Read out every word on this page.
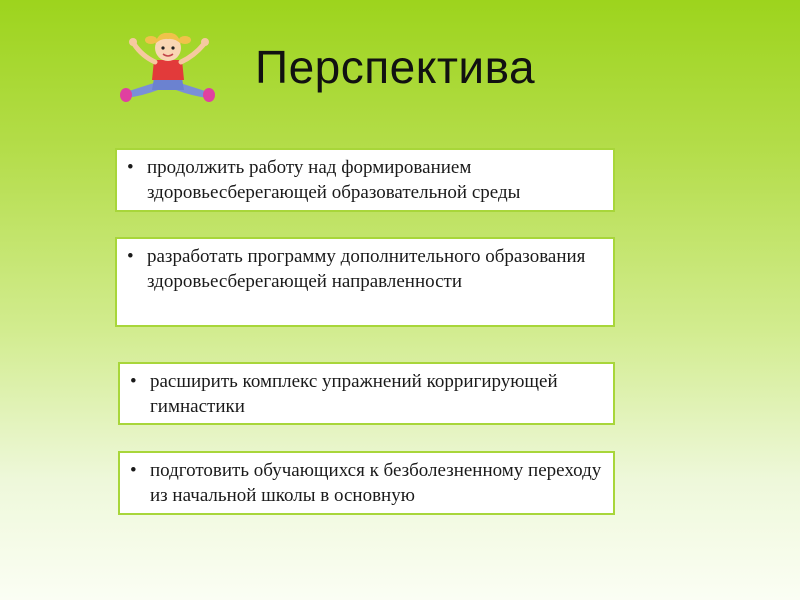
Перспектива
• продолжить работу над формированием здоровьесберегающей образовательной среды
• разработать программу дополнительного образования здоровьесберегающей направленности
• расширить комплекс упражнений корригирующей гимнастики
• подготовить обучающихся к безболезненному переходу из начальной школы в основную
